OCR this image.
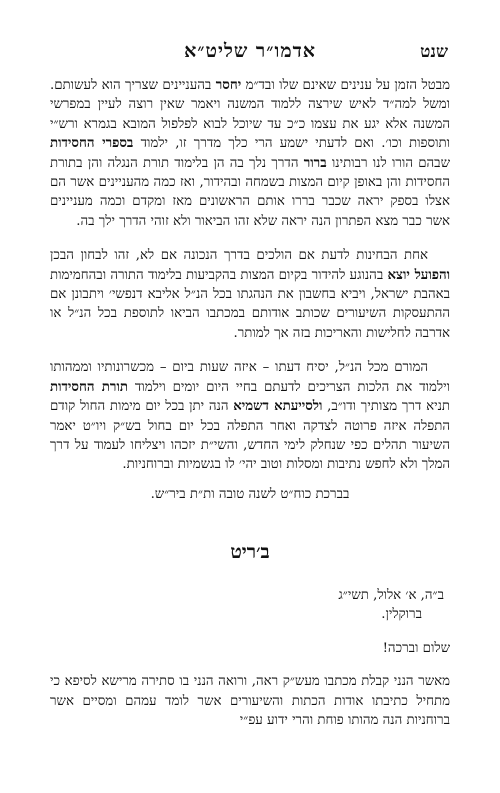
אדמו״ר שליט״א	שנט

מבטל הזמן על ענינים שאינם שלו ובד״מ יחסר בהעניינים שצריך הוא לעשותם. ומשל למה״ד לאיש שירצה ללמוד המשנה ויאמר שאין רוצה לעיין במפרשי המשנה אלא יגע את עצמו כ״כ עד שיוכל לבוא לפלפול המובא בגמרא ורש״י ותוספות וכו׳. ואם לדעתי ישמע הרי כלך מדרך זו, ילמוד בספרי החסידות שבהם הורו לנו רבותינו ברור הדרך נלך בה הן בלימוד תורת הנגלה והן בתורת החסידות והן באופן קיום המצות בשמחה ובהידור, ואז כמה מהעניינים אשר הם אצלו בספק יראה שכבר בררו אותם הראשונים מאז ומקדם וכמה מעניינים אשר כבר מצא הפתרון הנה יראה שלא זהו הביאור ולא זוהי הדרך ילך בה.

אחת הבחינות לדעת אם הולכים בדרך הנכונה אם לא, זהו לבחון הבכן והפועל יוצא בהנוגע להידור בקיום המצות בהקביעות בלימוד התורה ובהחמימות באהבת ישראל, ויביא בחשבון את הנהגתו בכל הנ״ל אליבא דנפשי׳ ויתבונן אם ההתעסקות השיעורים שכותב אודותם במכתבו הביאו לתוספת בכל הנ״ל או אדרבה לחלישות והאריכות בזה אך למותר.

המורם מכל הנ״ל, יסיח דעתו – איזה שעות ביום – מכשרונותיו וממהותו וילמוד את הלכות הצריכים לדעתם בחיי היום יומים וילמוד תורת החסידות תניא דרך מצותיך ודו״ב, ולסייעתא דשמיא הנה יתן בכל יום מימות החול קודם התפלה איזה פרוטה לצדקה ואחר התפלה בכל יום בחול בש״ק ויו״ט יאמר השיעור תהלים כפי שנחלק לימי החדש, והשי״ת יזכהו ויצליחו לעמוד על דרך המלך ולא לחפש נתיבות ומסלות וטוב יהי׳ לו בגשמיות וברוחניות.

בברכת כוח״ט לשנה טובה ות״ת ביר״ש.

ב׳ריט

ב״ה, א׳ אלול, תשי״ג

ברוקלין.

שלום וברכה!

מאשר הנני קבלת מכתבו מעש״ק ראה, ורואה הנני בו סתירה מרישא לסיפא כי מתחיל כתיבתו אודות הכתות והשיעורים אשר לומד עמהם ומסיים אשר ברוחניות הנה מהותו פוחת והרי ידוע עפ״י
